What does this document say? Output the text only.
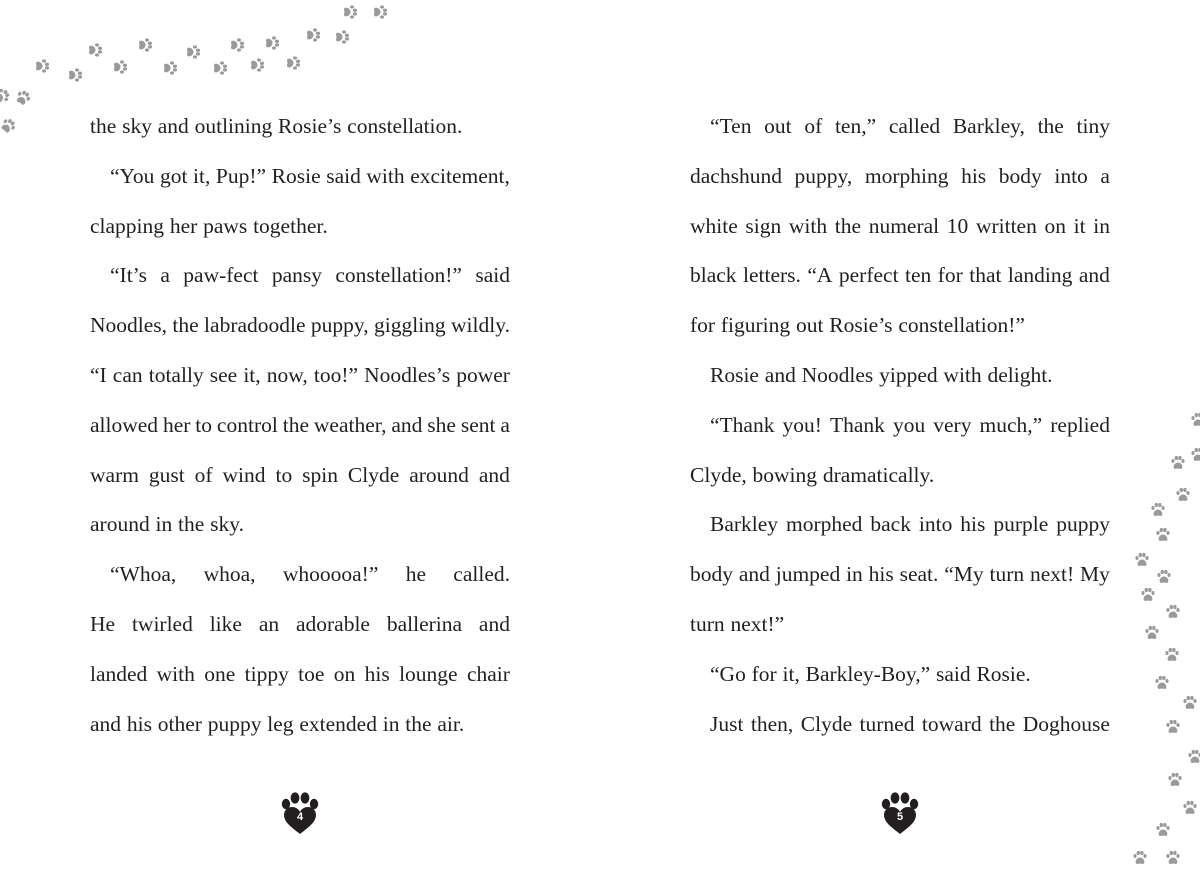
the sky and outlining Rosie’s constellation.
“You got it, Pup!” Rosie said with excitement,
clapping her paws together.
“It’s a paw-fect pansy constellation!” said
Noodles, the labradoodle puppy, giggling wildly.
“I can totally see it, now, too!” Noodles’s power
allowed her to control the weather, and she sent a
warm gust of wind to spin Clyde around and
around in the sky.
“Whoa, whoa, whooooa!” he called.
He twirled like an adorable ballerina and
landed with one tippy toe on his lounge chair
and his other puppy leg extended in the air.
4
“Ten out of ten,” called Barkley, the tiny
dachshund puppy, morphing his body into a
white sign with the numeral 10 written on it in
black letters. “A perfect ten for that landing and
for figuring out Rosie’s constellation!”
Rosie and Noodles yipped with delight.
“Thank you! Thank you very much,” replied
Clyde, bowing dramatically.
Barkley morphed back into his purple puppy
body and jumped in his seat. “My turn next! My
turn next!”
“Go for it, Barkley-Boy,” said Rosie.
Just then, Clyde turned toward the Doghouse
5
